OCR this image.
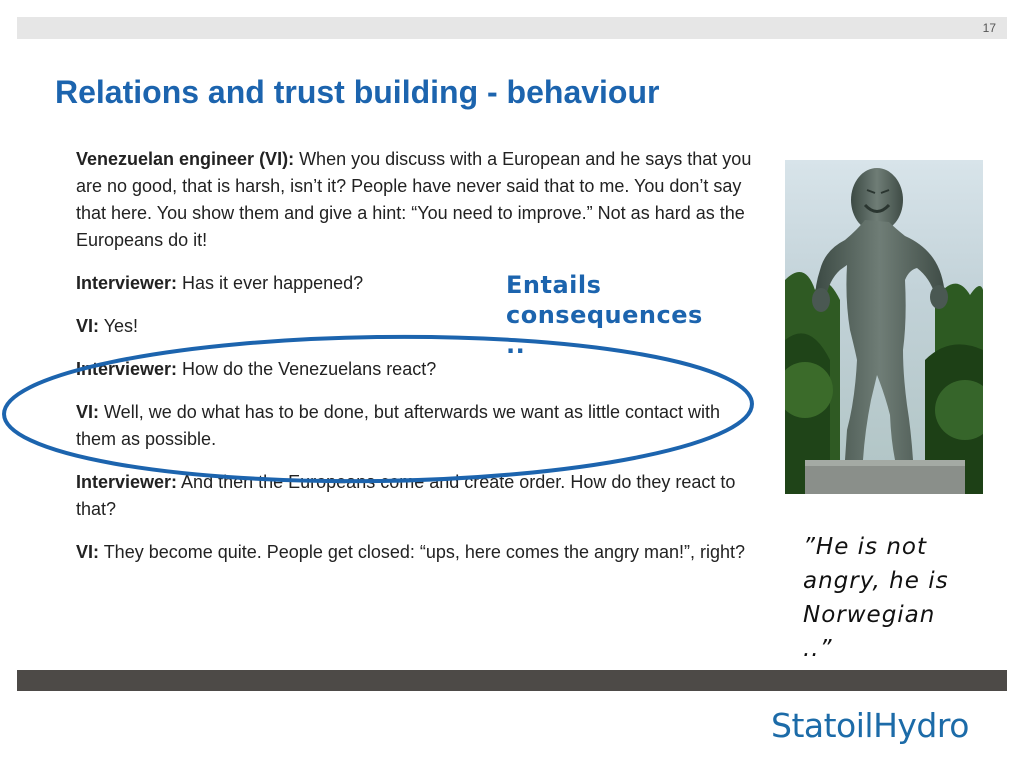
17
Relations and trust building - behaviour

Venezuelan engineer (VI): When you discuss with a European and he says that you are no good, that is harsh, isn’t it? People have never said that to me. You don’t say that here. You show them and give a hint: “You need to improve.” Not as hard as the Europeans do it!

Interviewer: Has it ever happened?

VI: Yes!

Interviewer: How do the Venezuelans react?

VI: Well, we do what has to be done, but afterwards we want as little contact with them as possible.

Interviewer: And then the Europeans come and create order. How do they react to that?

VI: They become quite. People get closed: “ups, here comes the angry man!”, right?

Entails
consequences
..
”He is not
angry, he is
Norwegian
..”
StatoilHydro
